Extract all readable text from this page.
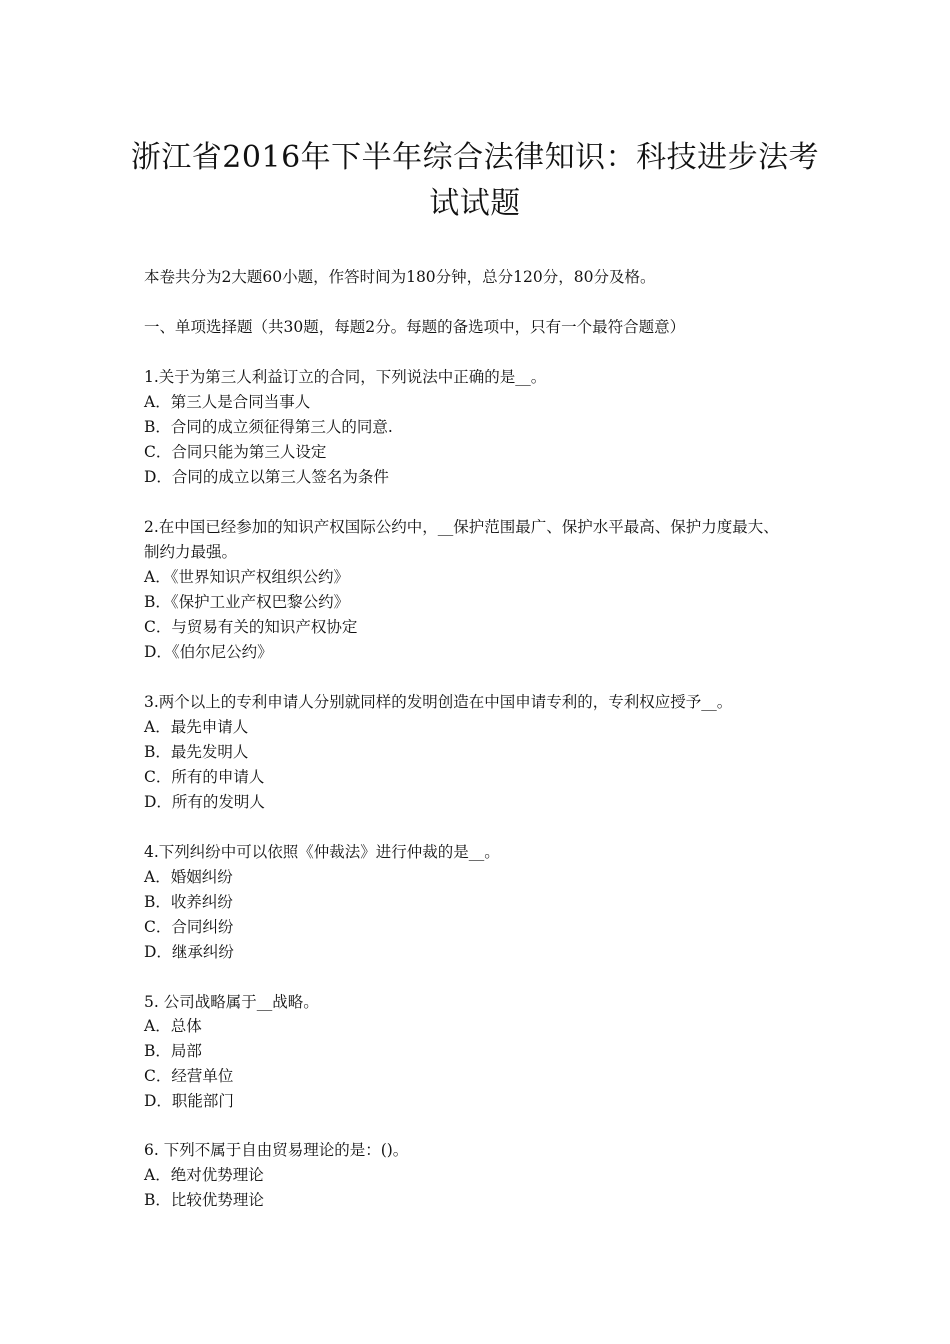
浙江省2016年下半年综合法律知识：科技进步法考
试试题
本卷共分为2大题60小题，作答时间为180分钟，总分120分，80分及格。
一、单项选择题（共30题，每题2分。每题的备选项中，只有一个最符合题意）
1.关于为第三人利益订立的合同，下列说法中正确的是__。
A．第三人是合同当事人
B．合同的成立须征得第三人的同意.
C．合同只能为第三人设定
D．合同的成立以第三人签名为条件
2.在中国已经参加的知识产权国际公约中，__保护范围最广、保护水平最高、保护力度最大、
制约力最强。
A．《世界知识产权组织公约》
B．《保护工业产权巴黎公约》
C．与贸易有关的知识产权协定
D．《伯尔尼公约》
3.两个以上的专利申请人分别就同样的发明创造在中国申请专利的，专利权应授予__。
A．最先申请人
B．最先发明人
C．所有的申请人
D．所有的发明人
4.下列纠纷中可以依照《仲裁法》进行仲裁的是__。
A．婚姻纠纷
B．收养纠纷
C．合同纠纷
D．继承纠纷
5. 公司战略属于__战略。
A．总体
B．局部
C．经营单位
D．职能部门
6. 下列不属于自由贸易理论的是：()。
A．绝对优势理论
B．比较优势理论
